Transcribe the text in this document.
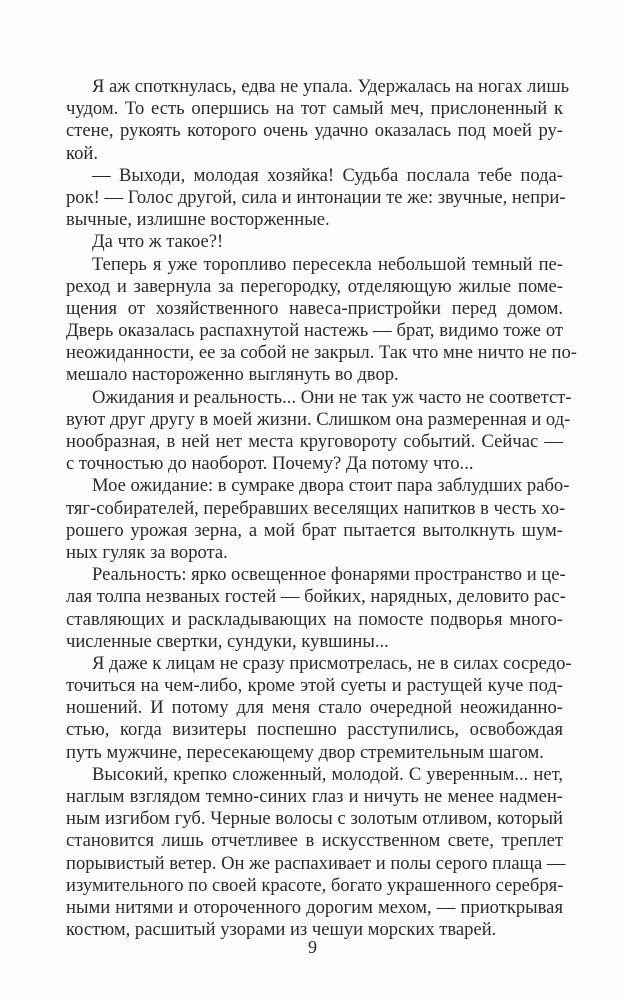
Я аж споткнулась, едва не упала. Удержалась на ногах лишь
чудом. То есть опершись на тот самый меч, прислоненный к
стене, рукоять которого очень удачно оказалась под моей ру-
кой.
— Выходи, молодая хозяйка! Судьба послала тебе пода-
рок! — Голос другой, сила и интонации те же: звучные, непри-
вычные, излишне восторженные.
Да что ж такое?!
Теперь я уже торопливо пересекла небольшой темный пе-
реход и завернула за перегородку, отделяющую жилые поме-
щения от хозяйственного навеса-пристройки перед домом.
Дверь оказалась распахнутой настежь — брат, видимо тоже от
неожиданности, ее за собой не закрыл. Так что мне ничто не по-
мешало настороженно выглянуть во двор.
Ожидания и реальность... Они не так уж часто не соответст-
вуют друг другу в моей жизни. Слишком она размеренная и од-
нообразная, в ней нет места круговороту событий. Сейчас —
с точностью до наоборот. Почему? Да потому что...
Мое ожидание: в сумраке двора стоит пара заблудших рабо-
тяг-собирателей, перебравших веселящих напитков в честь хо-
рошего урожая зерна, а мой брат пытается вытолкнуть шум-
ных гуляк за ворота.
Реальность: ярко освещенное фонарями пространство и це-
лая толпа незваных гостей — бойких, нарядных, деловито рас-
ставляющих и раскладывающих на помосте подворья много-
численные свертки, сундуки, кувшины...
Я даже к лицам не сразу присмотрелась, не в силах сосредо-
точиться на чем-либо, кроме этой суеты и растущей куче под-
ношений. И потому для меня стало очередной неожиданно-
стью, когда визитеры поспешно расступились, освобождая
путь мужчине, пересекающему двор стремительным шагом.
Высокий, крепко сложенный, молодой. С уверенным... нет,
наглым взглядом темно-синих глаз и ничуть не менее надмен-
ным изгибом губ. Черные волосы с золотым отливом, который
становится лишь отчетливее в искусственном свете, треплет
порывистый ветер. Он же распахивает и полы серого плаща —
изумительного по своей красоте, богато украшенного серебря-
ными нитями и отороченного дорогим мехом, — приоткрывая
костюм, расшитый узорами из чешуи морских тварей.
9
